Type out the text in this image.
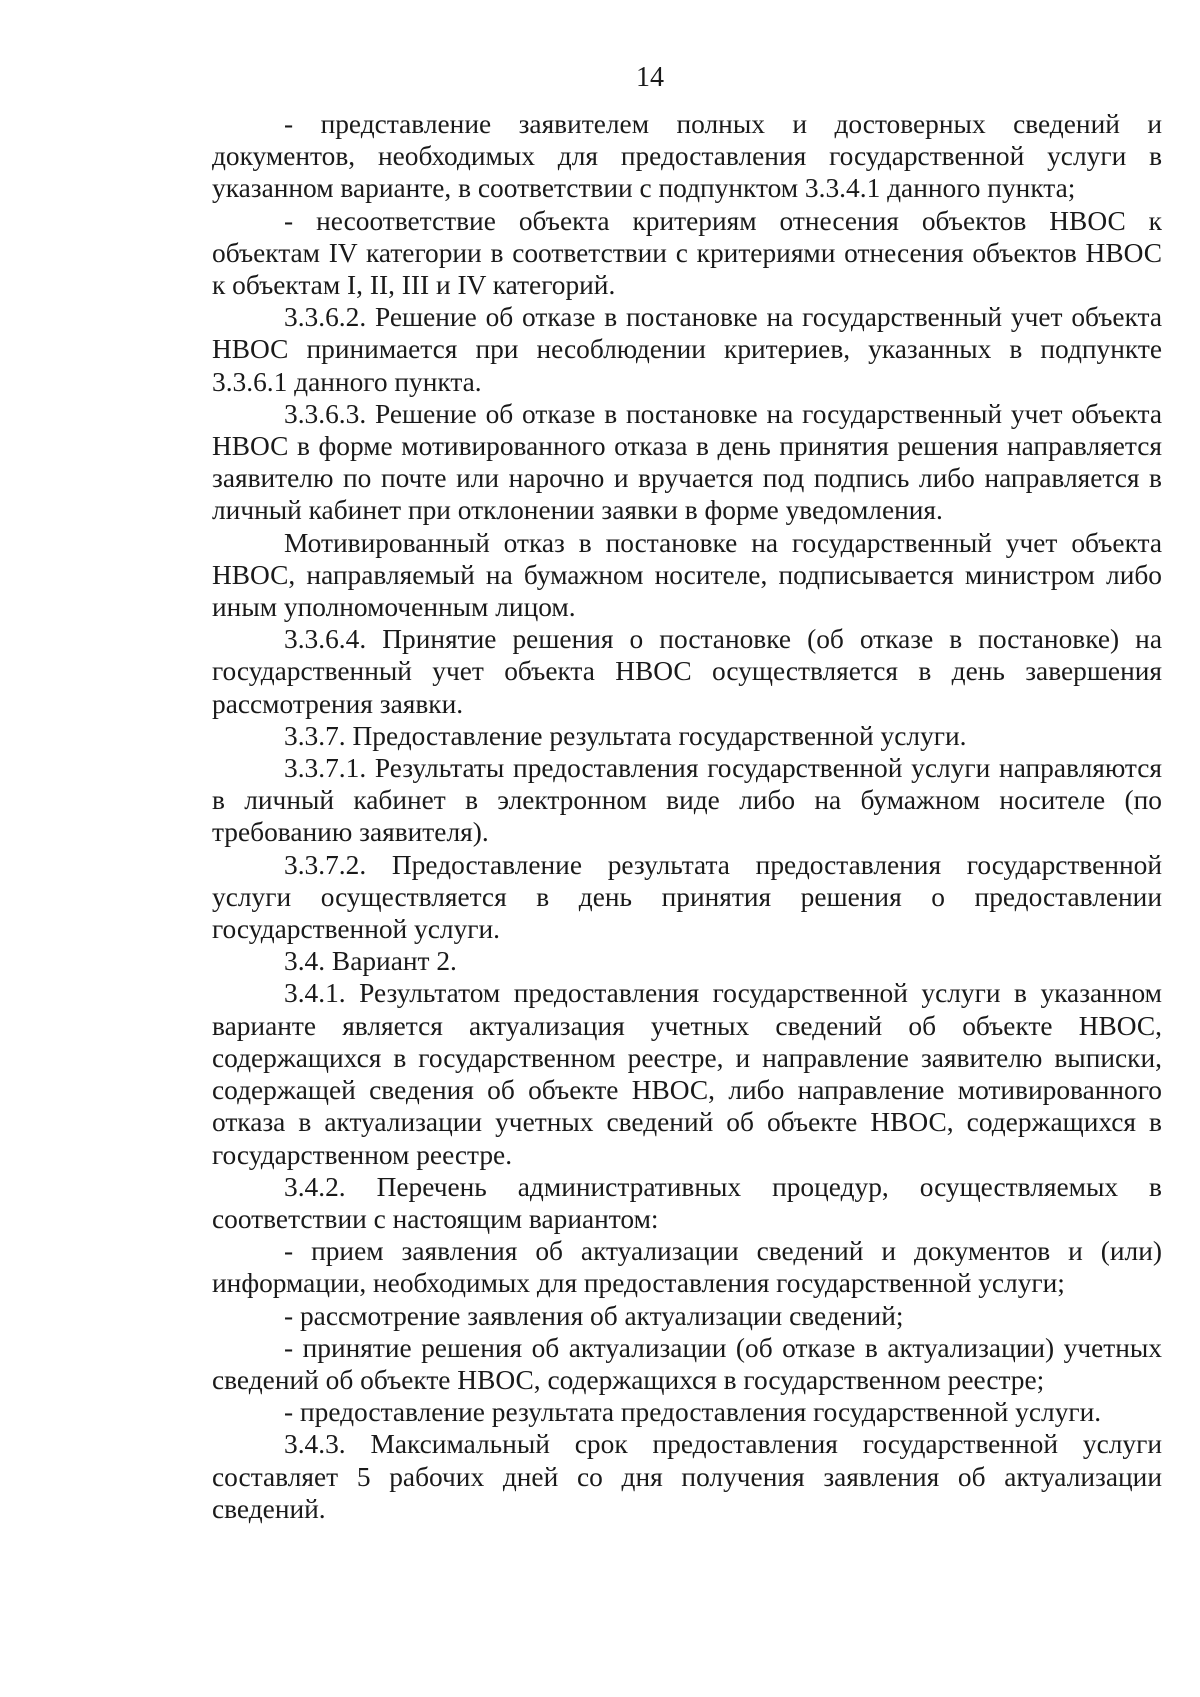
14

- представление заявителем полных и достоверных сведений и документов, необходимых для предоставления государственной услуги в указанном варианте, в соответствии с подпунктом 3.3.4.1 данного пункта;

- несоответствие объекта критериям отнесения объектов НВОС к объектам IV категории в соответствии с критериями отнесения объектов НВОС к объектам I, II, III и IV категорий.

3.3.6.2. Решение об отказе в постановке на государственный учет объекта НВОС принимается при несоблюдении критериев, указанных в подпункте 3.3.6.1 данного пункта.

3.3.6.3. Решение об отказе в постановке на государственный учет объекта НВОС в форме мотивированного отказа в день принятия решения направляется заявителю по почте или нарочно и вручается под подпись либо направляется в личный кабинет при отклонении заявки в форме уведомления.

Мотивированный отказ в постановке на государственный учет объекта НВОС, направляемый на бумажном носителе, подписывается министром либо иным уполномоченным лицом.

3.3.6.4. Принятие решения о постановке (об отказе в постановке) на государственный учет объекта НВОС осуществляется в день завершения рассмотрения заявки.

3.3.7. Предоставление результата государственной услуги.

3.3.7.1. Результаты предоставления государственной услуги направляются в личный кабинет в электронном виде либо на бумажном носителе (по требованию заявителя).

3.3.7.2. Предоставление результата предоставления государственной услуги осуществляется в день принятия решения о предоставлении государственной услуги.

3.4. Вариант 2.

3.4.1. Результатом предоставления государственной услуги в указанном варианте является актуализация учетных сведений об объекте НВОС, содержащихся в государственном реестре, и направление заявителю выписки, содержащей сведения об объекте НВОС, либо направление мотивированного отказа в актуализации учетных сведений об объекте НВОС, содержащихся в государственном реестре.

3.4.2. Перечень административных процедур, осуществляемых в соответствии с настоящим вариантом:

- прием заявления об актуализации сведений и документов и (или) информации, необходимых для предоставления государственной услуги;

- рассмотрение заявления об актуализации сведений;

- принятие решения об актуализации (об отказе в актуализации) учетных сведений об объекте НВОС, содержащихся в государственном реестре;

- предоставление результата предоставления государственной услуги.

3.4.3. Максимальный срок предоставления государственной услуги составляет 5 рабочих дней со дня получения заявления об актуализации сведений.
